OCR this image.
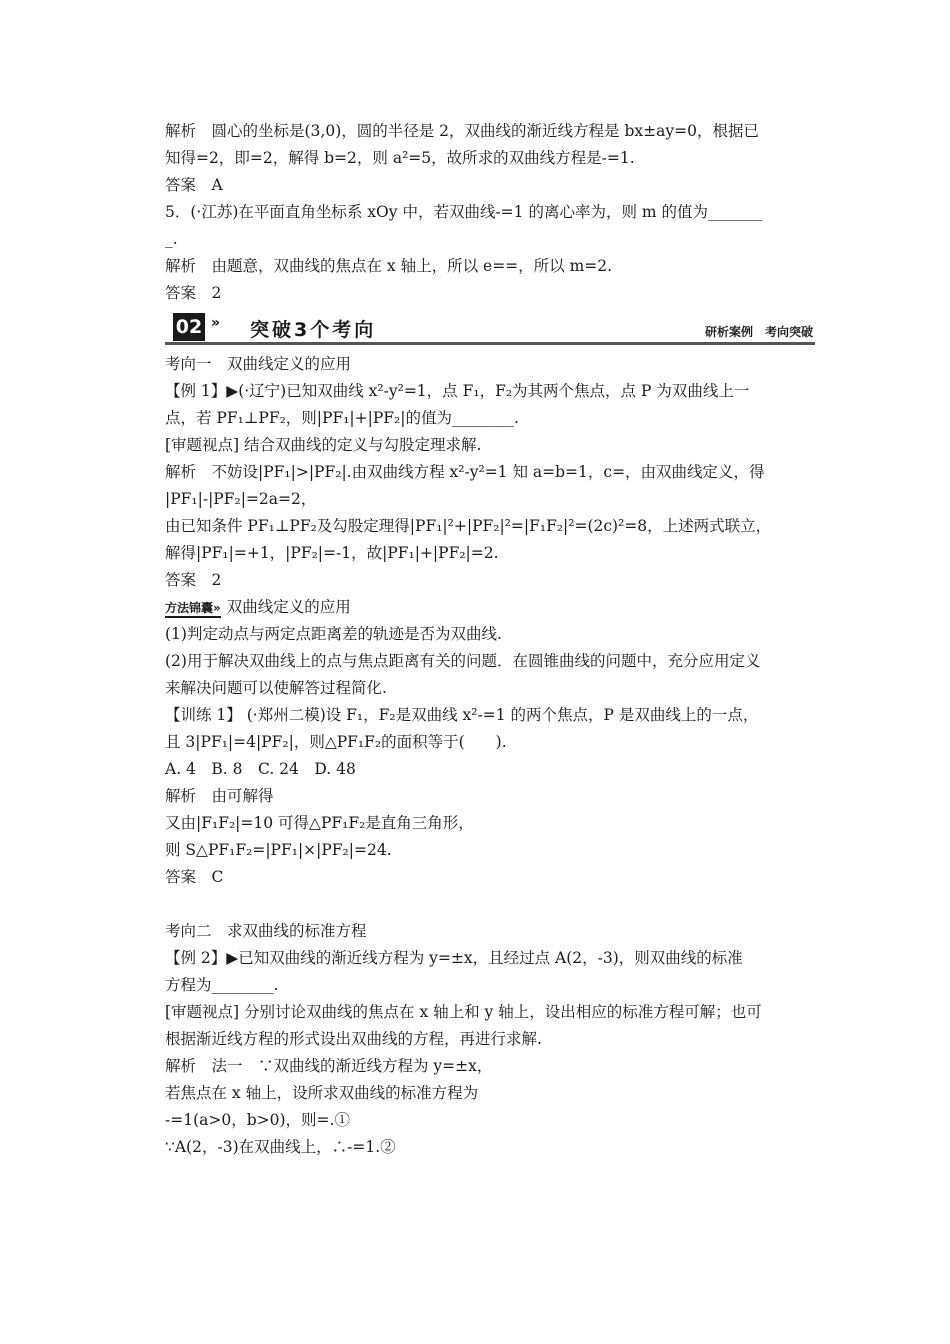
解析　圆心的坐标是(3,0)，圆的半径是 2，双曲线的渐近线方程是 bx±ay=0，根据已
知得=2，即=2，解得 b=2，则 a²=5，故所求的双曲线方程是-=1.
答案　A
5．(·江苏)在平面直角坐标系 xOy 中，若双曲线-=1 的离心率为，则 m 的值为_______
_.
解析　由题意，双曲线的焦点在 x 轴上，所以 e==，所以 m=2.
答案　2
02 » 突破3个考向	研析案例　考向突破
考向一　双曲线定义的应用
【例 1】▶(·辽宁)已知双曲线 x²-y²=1，点 F₁，F₂为其两个焦点，点 P 为双曲线上一
点，若 PF₁⊥PF₂，则|PF₁|+|PF₂|的值为________.
[审题视点] 结合双曲线的定义与勾股定理求解.
解析　不妨设|PF₁|>|PF₂|.由双曲线方程 x²-y²=1 知 a=b=1，c=，由双曲线定义，得
|PF₁|-|PF₂|=2a=2，
由已知条件 PF₁⊥PF₂及勾股定理得|PF₁|²+|PF₂|²=|F₁F₂|²=(2c)²=8，上述两式联立，
解得|PF₁|=+1，|PF₂|=-1，故|PF₁|+|PF₂|=2.
答案　2
方法锦囊» 双曲线定义的应用
(1)判定动点与两定点距离差的轨迹是否为双曲线.
(2)用于解决双曲线上的点与焦点距离有关的问题．在圆锥曲线的问题中，充分应用定义
来解决问题可以使解答过程简化.
【训练 1】 (·郑州二模)设 F₁，F₂是双曲线 x²-=1 的两个焦点，P 是双曲线上的一点，
且 3|PF₁|=4|PF₂|，则△PF₁F₂的面积等于(　　).
A. 4　B. 8　C. 24　D. 48
解析　由可解得
又由|F₁F₂|=10 可得△PF₁F₂是直角三角形，
则 S△PF₁F₂=|PF₁|×|PF₂|=24.
答案　C
考向二　求双曲线的标准方程
【例 2】▶已知双曲线的渐近线方程为 y=±x，且经过点 A(2，-3)，则双曲线的标准
方程为________.
[审题视点] 分别讨论双曲线的焦点在 x 轴上和 y 轴上，设出相应的标准方程可解；也可
根据渐近线方程的形式设出双曲线的方程，再进行求解.
解析　法一　∵双曲线的渐近线方程为 y=±x，
若焦点在 x 轴上，设所求双曲线的标准方程为
-=1(a>0，b>0)，则=.①
∵A(2，-3)在双曲线上，∴-=1.②
